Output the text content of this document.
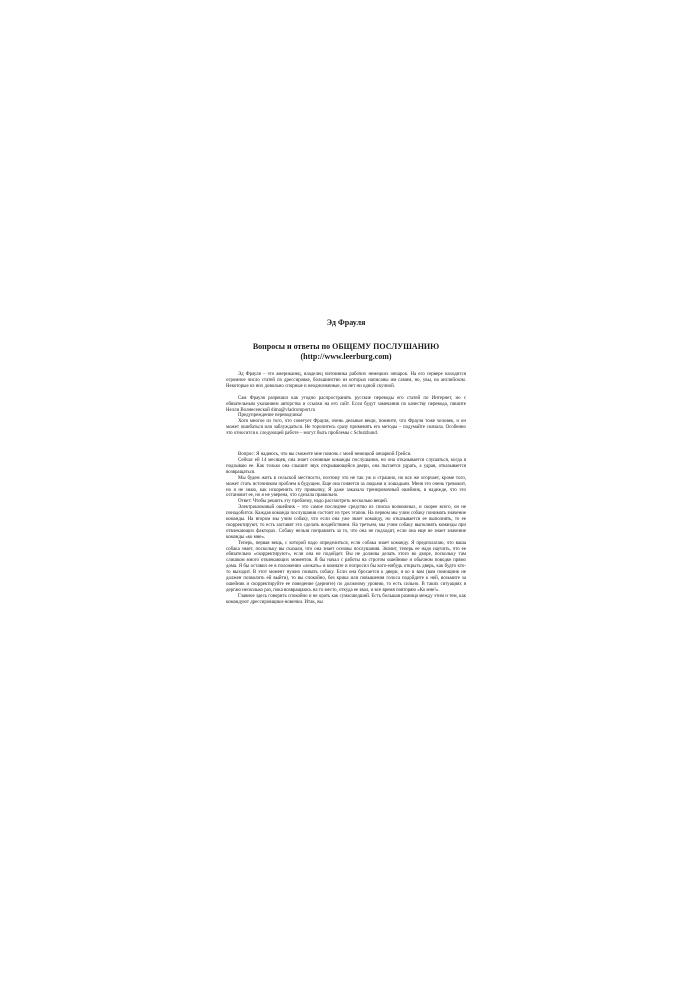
Эд Фрауля
Вопросы и ответы по ОБЩЕМУ ПОСЛУШАНИЮ
(http://www.leerburg.com)

Эд Фрауля – это американец, владелец питомника рабочих немецких овчарок. На его сервере находится огромное число статей по дрессировке, большинство из которых написаны им самим, но, увы, на английском. Некоторые из них довольно спорные и неоднозначные, но нет ни одной скучной.

Сам Фрауля разрешил как угодно распространять русские переводы его статей по Интернет, но с обязательным указанием авторства и ссылки на его сайт. Если будут замечания по качеству перевода, пишите Нелли Волнесенской dima@vladcomport.ru

Предупреждение переводчика!

Хотя многое из того, что советует Фрауля, очень дельные вещи, помните, что Фрауля тоже человек, и он может ошибаться или заблуждаться. Не торопитесь сразу применять его методы – подумайте сначала. Особенно это относится к следующей работе – могут быть проблемы с Schutzhund.

Вопрос: Я надеюсь, что вы сможете мне помочь с моей немецкой овчаркой Грейси.

Сейчас ей 14 месяцев, она знает основные команды послушания, но она отказывается слушаться, когда я подзываю ее. Как только она слышит звук открывающейся двери, она пытается удрать, а удрав, отказывается возвращаться.

Мы будем жить в сельской местности, поэтому это не так уж и страшно, но все же огорчает, кроме того, может стать источником проблем в будущем. Еще она гоняется за людьми и лошадьми. Меня это очень тревожит, но я не знаю, как искоренить эту привычку, Я даже заказала тренировочный ошейник, в надежде, что это остановит ее, но я не уверена, что сделала правильно.

Ответ: Чтобы решить эту проблему, надо рассмотреть несколько вещей.

Электрошоковый ошейник – это самое последнее средство из списка возможных, и скорее всего, он не понадобится. Каждая команда послушания состоит из трех этапов. На первом мы учим собаку понимать значение команды. На втором мы учим собаку, что если она уже знает команду, но отказывается ее выполнять, то ее скорректируют, то есть заставят это сделать воздействием. На третьем, мы учим собаку выполнять команды при отвлекающих факторах. Собаку нельзя поправлять за то, что она не подходит, если она еще не знает значение команды «ко мне».

Теперь, первая вещь, с которой надо определиться, если собака знает команду. Я предполагаю, что ваша собака знает, поскольку вы сказали, что она знает основы послушания. Значит, теперь ее надо научить, что ее обязательно «скорректируют», если она не подойдет. Вы не должны делать этого во дворе, поскольку там слишком много отвлекающих моментов. Я бы начал с работы на строгом ошейнике и обычном поводке прямо дома. Я бы оставил ее в положении «лежать» в комнате и попросил бы кого-нибудь открыть дверь, как будто кто-то выходит. В этот момент нужно позвать собаку. Если она бросается к двери, я ко и вам (вам помощник не должен позволить ей выйти), то вы спокойно, без крика или повышения голоса подойдите к ней, возьмите за ошейник и скорректируйте ее поведение (дерните) по должному уровню, то есть сильно. В таких ситуациях я дергаю несколько раз, пока возвращаюсь на то место, откуда ее звал, и все время повторяю «Ко мне!».

Главное здесь говорить спокойно и не орать как сумасшедший. Есть большая разница между этим и тем, как командуют дрессировщики-новички. Итак, вы
